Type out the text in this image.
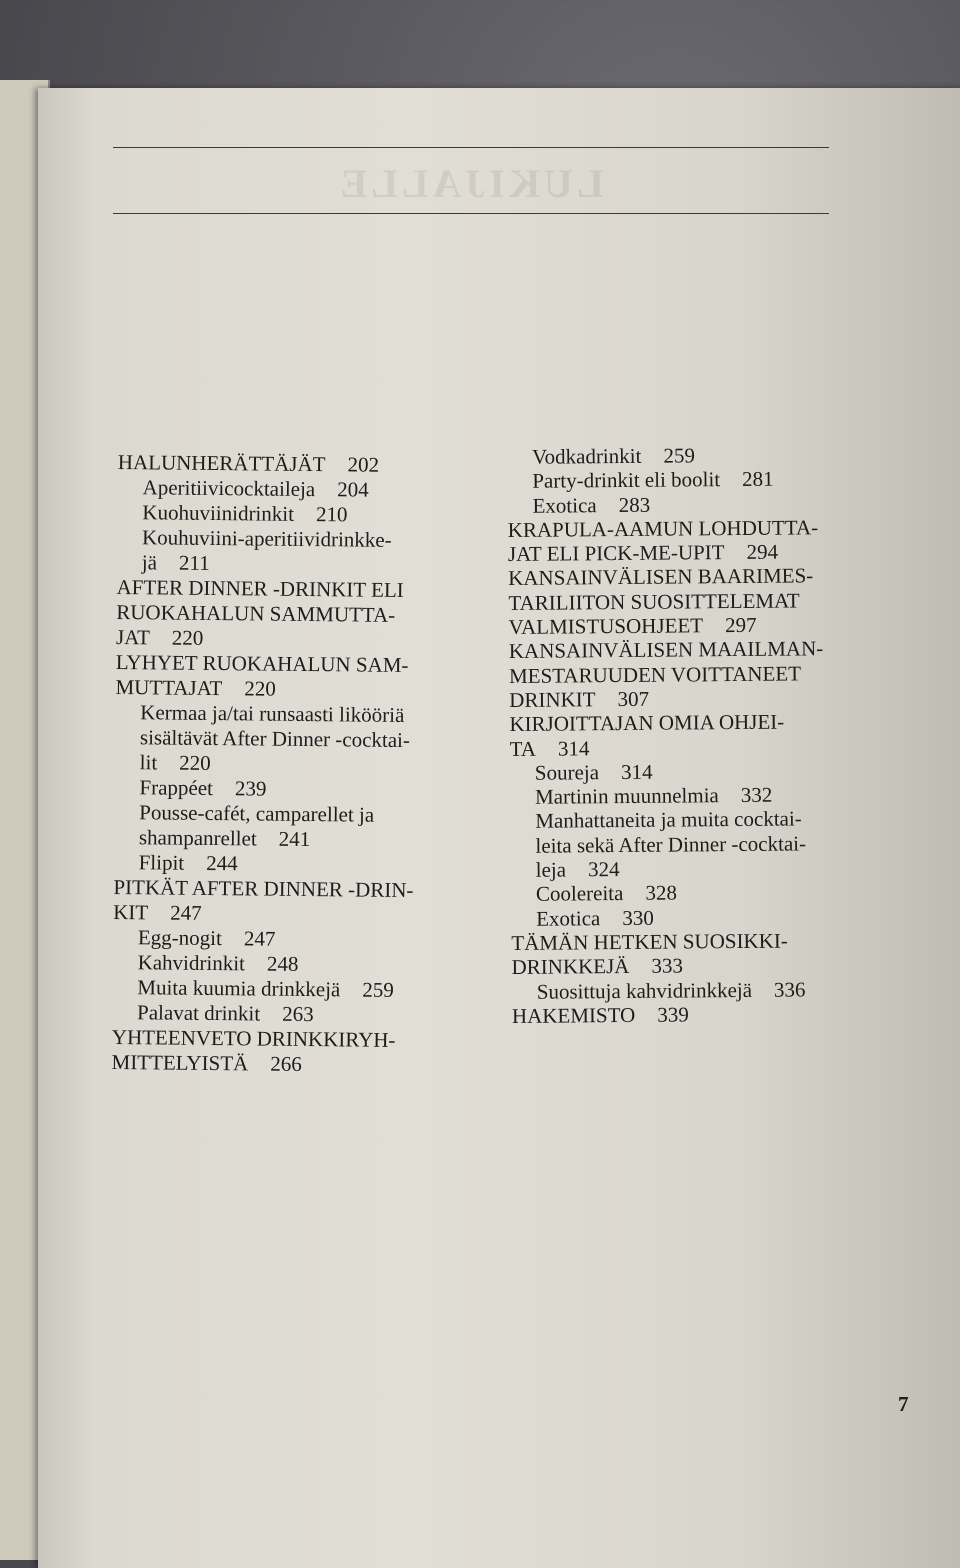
LUKIJALLE
HALUNHERÄTTÄJÄT 202
Aperitiivicocktaileja 204
Kuohuviinidrinkit 210
Kouhuviini-aperitiividrinkke-
jä 211
AFTER DINNER -DRINKIT ELI
RUOKAHALUN SAMMUTTA-
JAT 220
LYHYET RUOKAHALUN SAM-
MUTTAJAT 220
Kermaa ja/tai runsaasti likööriä
sisältävät After Dinner -cocktai-
lit 220
Frappéet 239
Pousse-cafét, camparellet ja
shampanrellet 241
Flipit 244
PITKÄT AFTER DINNER -DRIN-
KIT 247
Egg-nogit 247
Kahvidrinkit 248
Muita kuumia drinkkejä 259
Palavat drinkit 263
YHTEENVETO DRINKKIRYH-
MITTELYISTÄ 266
Vodkadrinkit 259
Party-drinkit eli boolit 281
Exotica 283
KRAPULA-AAMUN LOHDUTTA-
JAT ELI PICK-ME-UPIT 294
KANSAINVÄLISEN BAARIMES-
TARILIITON SUOSITTELEMAT
VALMISTUSOHJEET 297
KANSAINVÄLISEN MAAILMAN-
MESTARUUDEN VOITTANEET
DRINKIT 307
KIRJOITTAJAN OMIA OHJEI-
TA 314
Soureja 314
Martinin muunnelmia 332
Manhattaneita ja muita cocktai-
leita sekä After Dinner -cocktai-
leja 324
Coolereita 328
Exotica 330
TÄMÄN HETKEN SUOSIKKI-
DRINKKEJÄ 333
Suosittuja kahvidrinkkejä 336
HAKEMISTO 339
7
